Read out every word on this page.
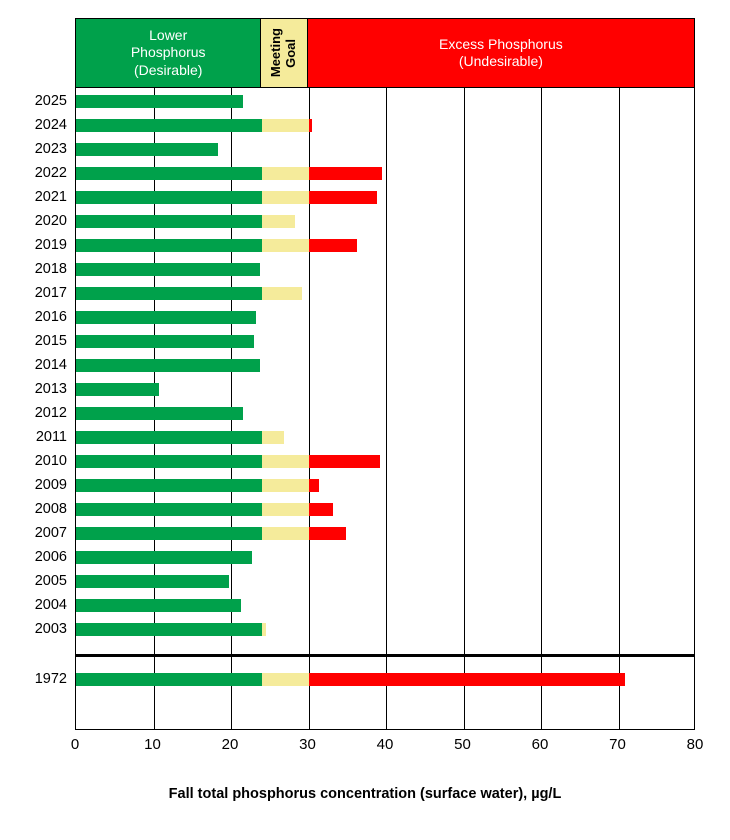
Lower
Phosphorus
(Desirable)	Meeting Goal	Excess Phosphorus
(Undesirable)
2025
2024
2023
2022
2021
2020
2019
2018
2017
2016
2015
2014
2013
2012
2011
2010
2009
2008
2007
2006
2005
2004
2003
1972
0	10	20	30	40	50	60	70	80
Fall total phosphorus concentration (surface water), µg/L
